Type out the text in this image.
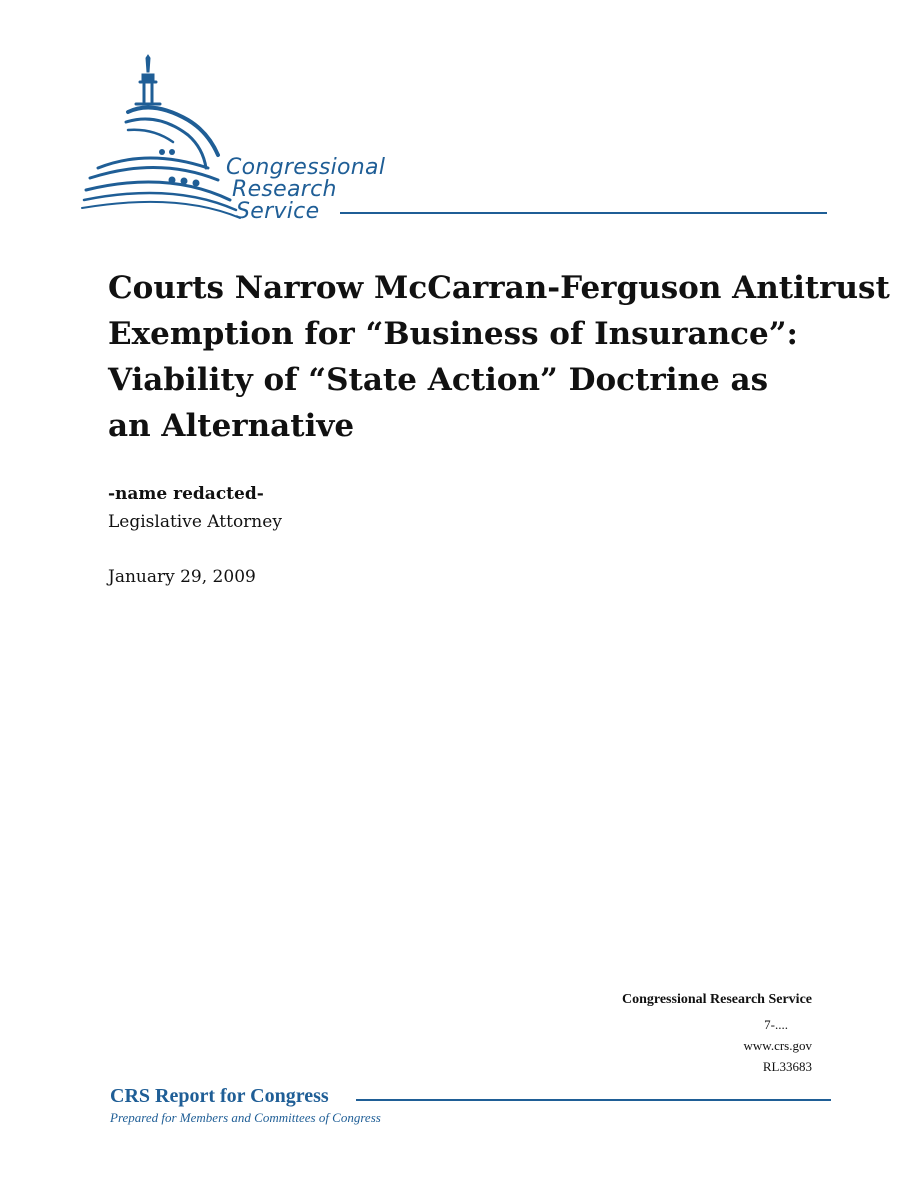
Congressional
Research
Service
Courts Narrow McCarran-Ferguson Antitrust
Exemption for “Business of Insurance”:
Viability of “State Action” Doctrine as
an Alternative
-name redacted-
Legislative Attorney
January 29, 2009
Congressional Research Service
7-....
www.crs.gov
RL33683
CRS Report for Congress
Prepared for Members and Committees of Congress
